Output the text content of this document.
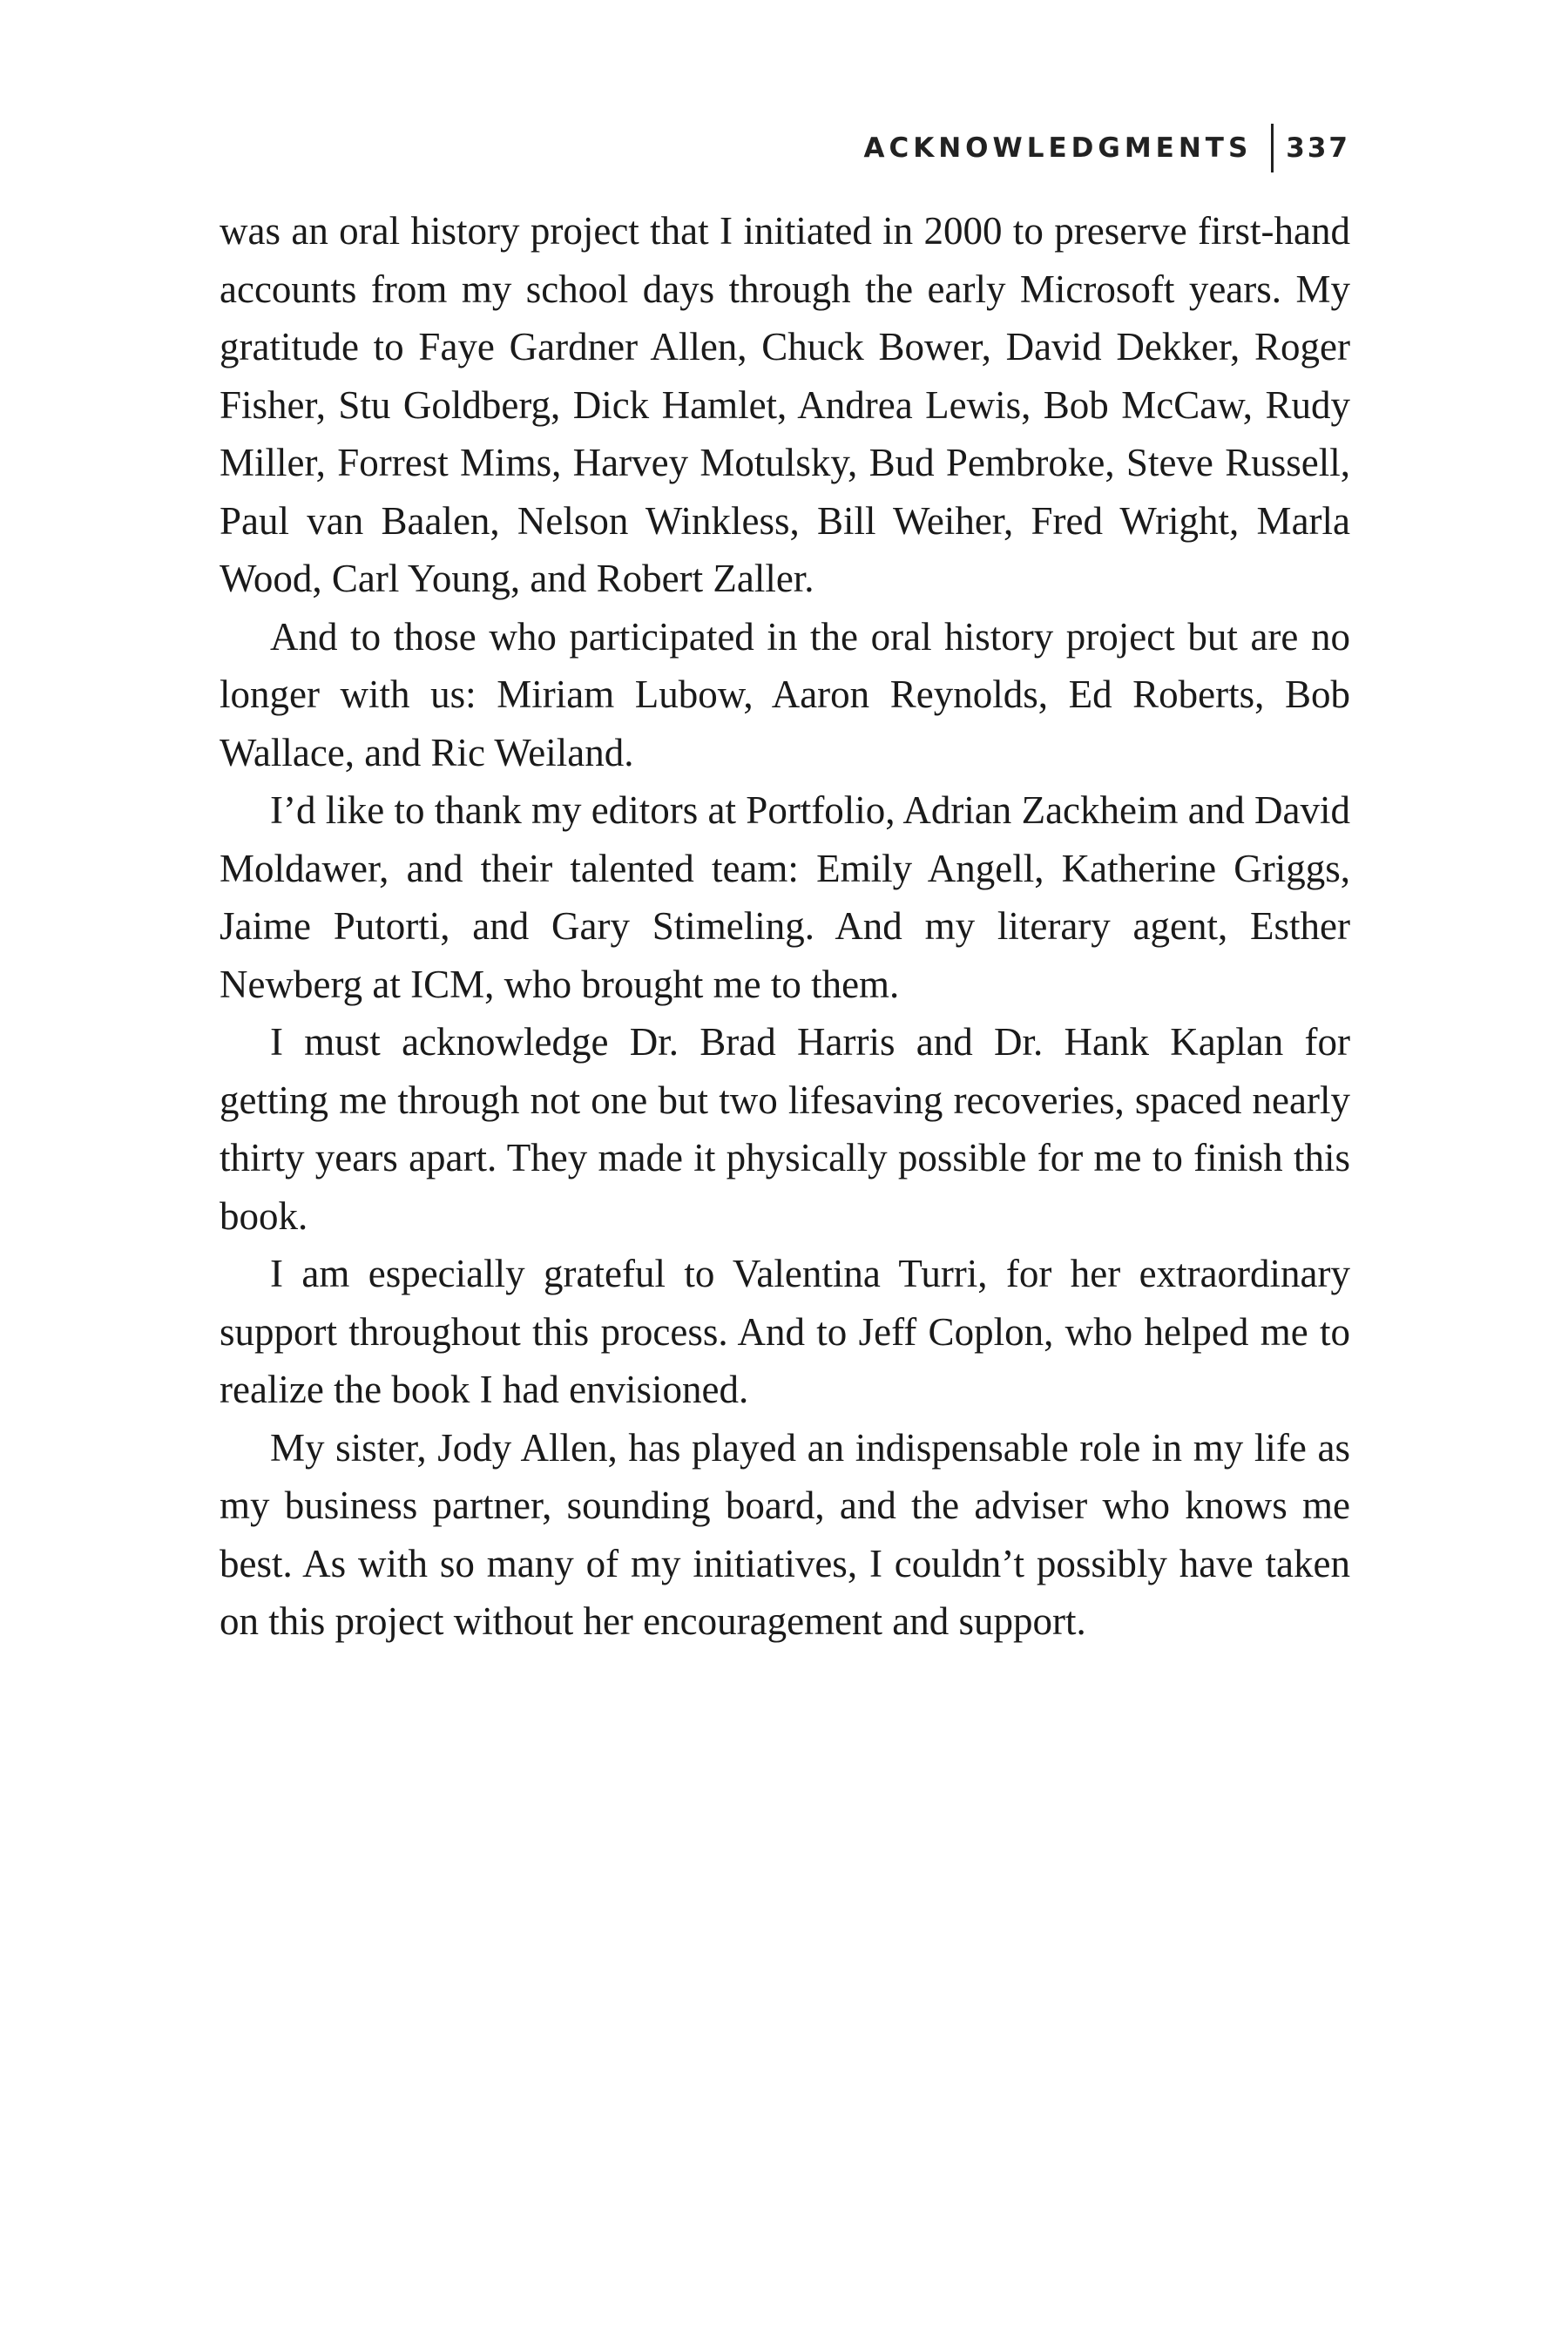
ACKNOWLEDGMENTS 337

was an oral history project that I initiated in 2000 to preserve first-hand accounts from my school days through the early Microsoft years. My gratitude to Faye Gardner Allen, Chuck Bower, David Dekker, Roger Fisher, Stu Goldberg, Dick Hamlet, Andrea Lewis, Bob McCaw, Rudy Miller, Forrest Mims, Harvey Motulsky, Bud Pembroke, Steve Russell, Paul van Baalen, Nelson Winkless, Bill Weiher, Fred Wright, Marla Wood, Carl Young, and Robert Zaller.

And to those who participated in the oral history project but are no longer with us: Miriam Lubow, Aaron Reynolds, Ed Roberts, Bob Wallace, and Ric Weiland.

I’d like to thank my editors at Portfolio, Adrian Zackheim and David Moldawer, and their talented team: Emily Angell, Katherine Griggs, Jaime Putorti, and Gary Stimeling. And my literary agent, Esther Newberg at ICM, who brought me to them.

I must acknowledge Dr. Brad Harris and Dr. Hank Kaplan for getting me through not one but two lifesaving recoveries, spaced nearly thirty years apart. They made it physically possible for me to finish this book.

I am especially grateful to Valentina Turri, for her extraordinary support throughout this process. And to Jeff Coplon, who helped me to realize the book I had envisioned.

My sister, Jody Allen, has played an indispensable role in my life as my business partner, sounding board, and the adviser who knows me best. As with so many of my initiatives, I couldn’t possibly have taken on this project without her encouragement and support.
